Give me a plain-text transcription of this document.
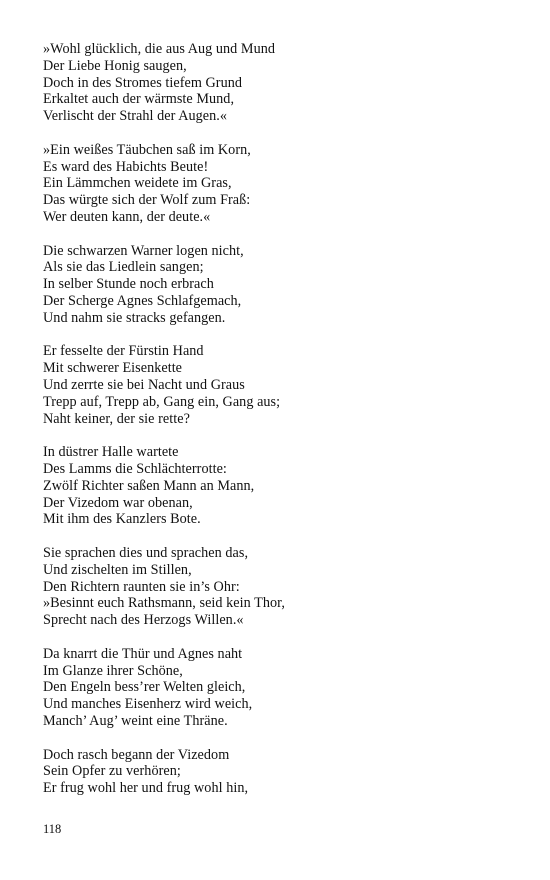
»Wohl glücklich, die aus Aug und Mund
Der Liebe Honig saugen,
Doch in des Stromes tiefem Grund
Erkaltet auch der wärmste Mund,
Verlischt der Strahl der Augen.«
»Ein weißes Täubchen saß im Korn,
Es ward des Habichts Beute!
Ein Lämmchen weidete im Gras,
Das würgte sich der Wolf zum Fraß:
Wer deuten kann, der deute.«
Die schwarzen Warner logen nicht,
Als sie das Liedlein sangen;
In selber Stunde noch erbrach
Der Scherge Agnes Schlafgemach,
Und nahm sie stracks gefangen.
Er fesselte der Fürstin Hand
Mit schwerer Eisenkette
Und zerrte sie bei Nacht und Graus
Trepp auf, Trepp ab, Gang ein, Gang aus;
Naht keiner, der sie rette?
In düstrer Halle wartete
Des Lamms die Schlächterrotte:
Zwölf Richter saßen Mann an Mann,
Der Vizedom war obenan,
Mit ihm des Kanzlers Bote.
Sie sprachen dies und sprachen das,
Und zischelten im Stillen,
Den Richtern raunten sie in’s Ohr:
»Besinnt euch Rathsmann, seid kein Thor,
Sprecht nach des Herzogs Willen.«
Da knarrt die Thür und Agnes naht
Im Glanze ihrer Schöne,
Den Engeln bess’rer Welten gleich,
Und manches Eisenherz wird weich,
Manch’ Aug’ weint eine Thräne.
Doch rasch begann der Vizedom
Sein Opfer zu verhören;
Er frug wohl her und frug wohl hin,
118
